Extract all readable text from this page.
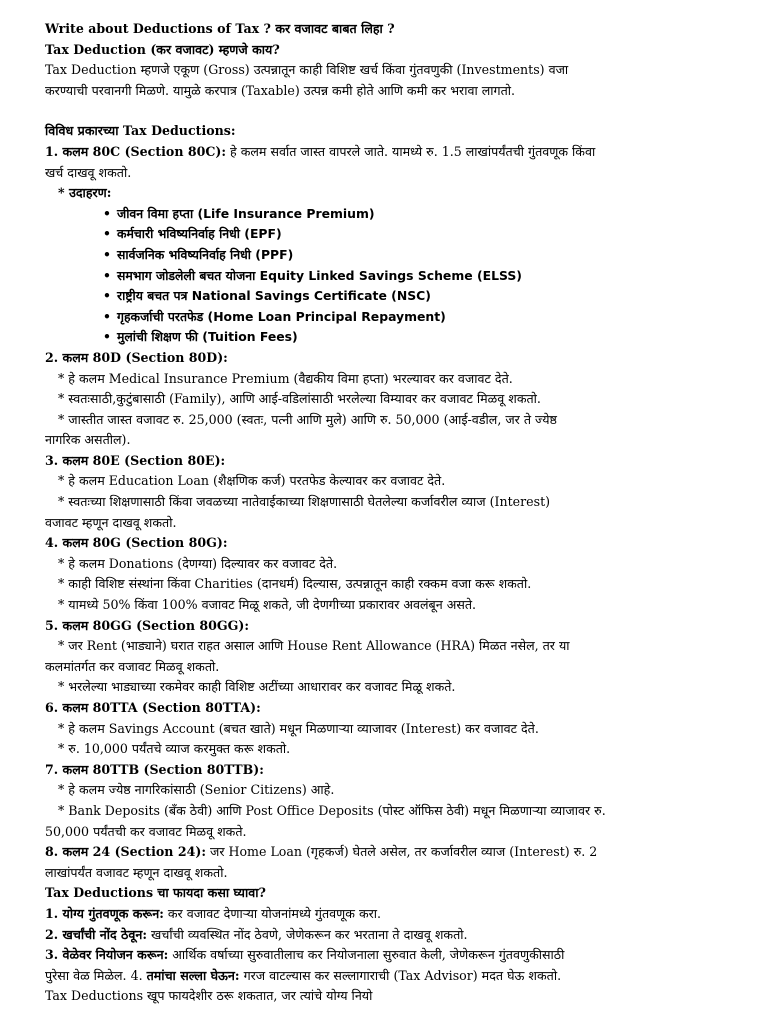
Write about Deductions of Tax ? कर वजावट बाबत लिहा ?

Tax Deduction (कर वजावट) म्हणजे काय?

Tax Deduction म्हणजे एकूण (Gross) उत्पन्नातून काही विशिष्ट खर्च किंवा गुंतवणुकी (Investments) वजा

करण्याची परवानगी मिळणे. यामुळे करपात्र (Taxable) उत्पन्न कमी होते आणि कमी कर भरावा लागतो.

विविध प्रकारच्या Tax Deductions:

1. कलम 80C (Section 80C): हे कलम सर्वात जास्त वापरले जाते. यामध्ये रु. 1.5 लाखांपर्यंतची गुंतवणूक किंवा

खर्च दाखवू शकतो.

* उदाहरण:

• जीवन विमा हप्ता (Life Insurance Premium)

• कर्मचारी भविष्यनिर्वाह निधी (EPF)

• सार्वजनिक भविष्यनिर्वाह निधी (PPF)

• समभाग जोडलेली बचत योजना Equity Linked Savings Scheme (ELSS)

• राष्ट्रीय बचत पत्र National Savings Certificate (NSC)

• गृहकर्जाची परतफेड (Home Loan Principal Repayment)

• मुलांची शिक्षण फी (Tuition Fees)

2. कलम 80D (Section 80D):

* हे कलम Medical Insurance Premium (वैद्यकीय विमा हप्ता) भरल्यावर कर वजावट देते.

* स्वतःसाठी,कुटुंबासाठी (Family), आणि आई-वडिलांसाठी भरलेल्या विम्यावर कर वजावट मिळवू शकतो.

* जास्तीत जास्त वजावट रु. 25,000 (स्वतः, पत्नी आणि मुले) आणि रु. 50,000 (आई-वडील, जर ते ज्येष्ठ

नागरिक असतील).

3. कलम 80E (Section 80E):

* हे कलम Education Loan (शैक्षणिक कर्ज) परतफेड केल्यावर कर वजावट देते.

* स्वतःच्या शिक्षणासाठी किंवा जवळच्या नातेवाईकाच्या शिक्षणासाठी घेतलेल्या कर्जावरील व्याज (Interest)

वजावट म्हणून दाखवू शकतो.

4. कलम 80G (Section 80G):

* हे कलम Donations (देणग्या) दिल्यावर कर वजावट देते.

* काही विशिष्ट संस्थांना किंवा Charities (दानधर्म) दिल्यास, उत्पन्नातून काही रक्कम वजा करू शकतो.

* यामध्ये 50% किंवा 100% वजावट मिळू शकते, जी देणगीच्या प्रकारावर अवलंबून असते.

5. कलम 80GG (Section 80GG):

* जर Rent (भाड्याने) घरात राहत असाल आणि House Rent Allowance (HRA) मिळत नसेल, तर या

कलमांतर्गत कर वजावट मिळवू शकतो.

* भरलेल्या भाड्याच्या रकमेवर काही विशिष्ट अटींच्या आधारावर कर वजावट मिळू शकते.

6. कलम 80TTA (Section 80TTA):

* हे कलम Savings Account (बचत खाते) मधून मिळणाऱ्या व्याजावर (Interest) कर वजावट देते.

* रु. 10,000 पर्यंतचे व्याज करमुक्त करू शकतो.

7. कलम 80TTB (Section 80TTB):

* हे कलम ज्येष्ठ नागरिकांसाठी (Senior Citizens) आहे.

* Bank Deposits (बँक ठेवी) आणि Post Office Deposits (पोस्ट ऑफिस ठेवी) मधून मिळणाऱ्या व्याजावर रु.

50,000 पर्यंतची कर वजावट मिळवू शकते.

8. कलम 24 (Section 24): जर Home Loan (गृहकर्ज) घेतले असेल, तर कर्जावरील व्याज (Interest) रु. 2

लाखांपर्यंत वजावट म्हणून दाखवू शकतो.

Tax Deductions चा फायदा कसा घ्यावा?

1. योग्य गुंतवणूक करून: कर वजावट देणाऱ्या योजनांमध्ये गुंतवणूक करा.

2. खर्चांची नोंद ठेवून: खर्चांची व्यवस्थित नोंद ठेवणे, जेणेकरून कर भरताना ते दाखवू शकतो.

3. वेळेवर नियोजन करून: आर्थिक वर्षाच्या सुरुवातीलाच कर नियोजनाला सुरुवात केली, जेणेकरून गुंतवणुकीसाठी

पुरेसा वेळ मिळेल. 4. तमांचा सल्ला घेऊन: गरज वाटल्यास कर सल्लागाराची (Tax Advisor) मदत घेऊ शकतो.

Tax Deductions खूप फायदेशीर ठरू शकतात, जर त्यांचे योग्य नियो
